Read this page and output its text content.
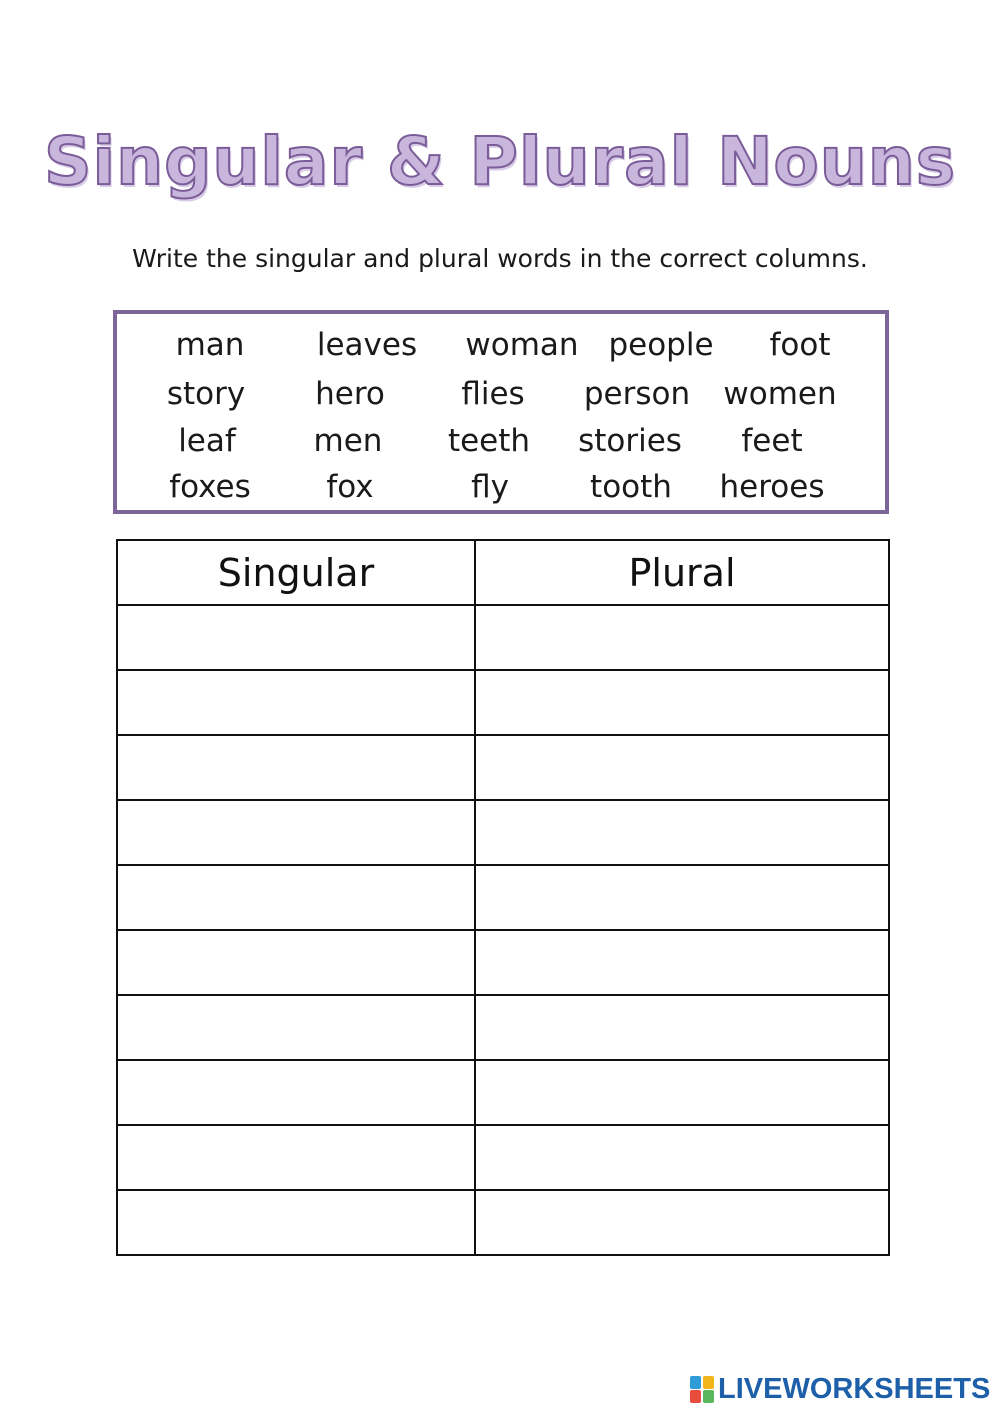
Singular & Plural Nouns
Write the singular and plural words in the correct columns.
man leaves woman people foot
story hero flies person women
leaf	men teeth stories feet
foxes fox	fly	tooth heroes
Singular	Plural

LIVEWORKSHEETS
